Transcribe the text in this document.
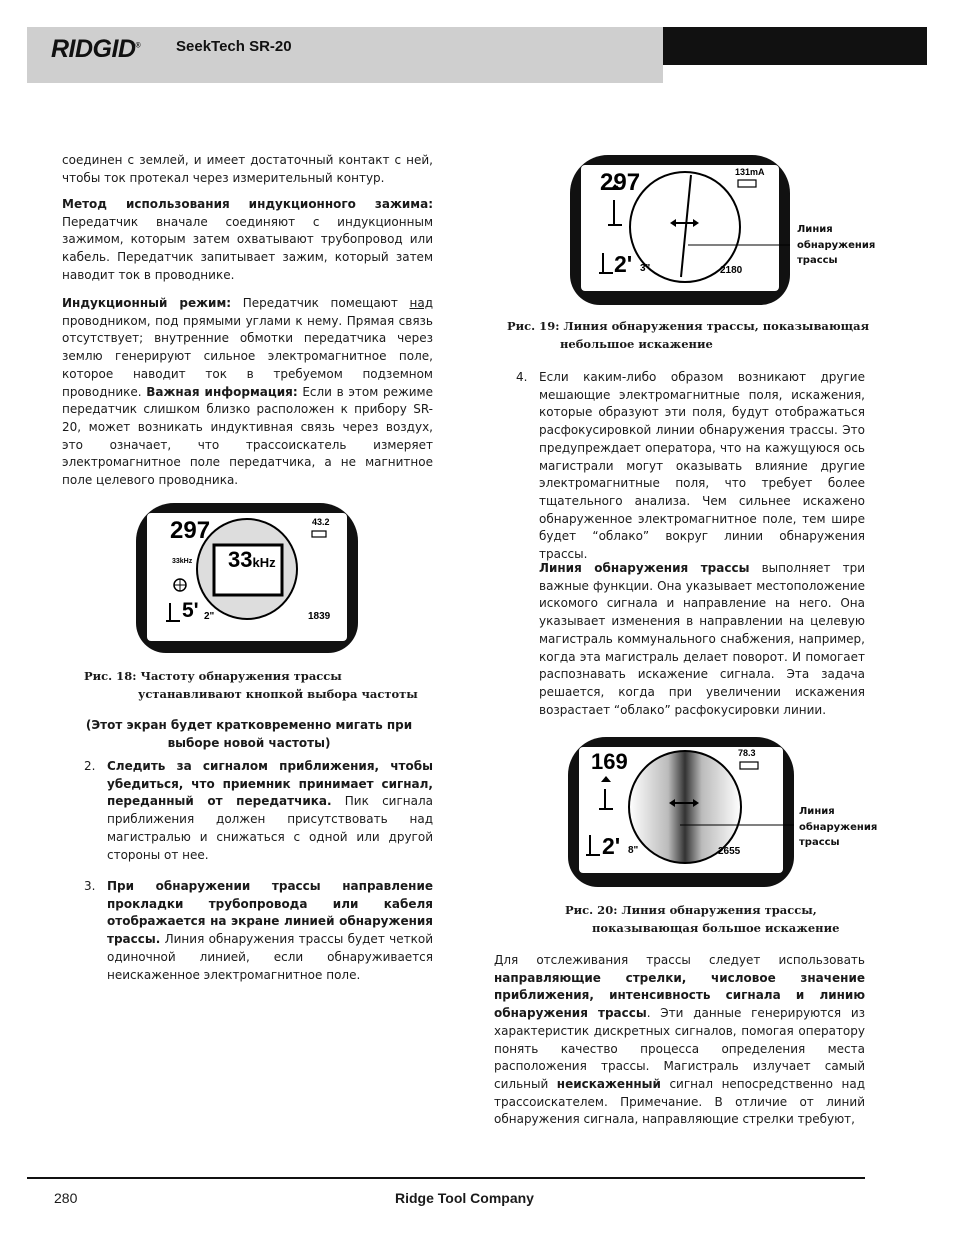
RIDGID® SeekTech SR-20

соединен с землей, и имеет достаточный контакт с ней, чтобы ток протекал через измерительный контур.

Метод использования индукционного зажима: Передатчик вначале соединяют с индукционным зажимом, которым затем охватывают трубопровод или кабель. Передатчик запитывает зажим, который затем наводит ток в проводнике.

Индукционный режим: Передатчик помещают над проводником, под прямыми углами к нему. Прямая связь отсутствует; внутренние обмотки передатчика через землю генерируют сильное электромагнитное поле, которое наводит ток в требуемом подземном проводнике. Важная информация: Если в этом режиме передатчик слишком близко расположен к прибору SR-20, может возникать индуктивная связь через воздух, это означает, что трассоискатель измеряет электромагнитное поле передатчика, а не магнитное поле целевого проводника.

297	43.2
33kHz 33kHz
5' 2"	1839
Рис. 18: Частоту обнаружения трассы
устанавливают кнопкой выбора частоты
(Этот экран будет кратковременно мигать при выборе новой частоты)
2. Следить за сигналом приближения, чтобы убедиться, что приемник принимает сигнал, переданный от передатчика. Пик сигнала приближения должен присутствовать над магистралью и снижаться с одной или другой стороны от нее.

3. При обнаружении трассы направление прокладки трубопровода или кабеля отображается на экране линией обнаружения трассы. Линия обнаружения трассы будет четкой одиночной линией, если обнаруживается неискаженное электромагнитное поле.

297	131mA
2' 3"	2180
Линия
обнаружения
трассы
Рис. 19: Линия обнаружения трассы, показывающая
небольшое искажение
4. Если каким-либо образом возникают другие мешающие электромагнитные поля, искажения, которые образуют эти поля, будут отображаться расфокусировкой линии обнаружения трассы. Это предупреждает оператора, что на кажущуюся ось магистрали могут оказывать влияние другие электромагнитные поля, что требует более тщательного анализа. Чем сильнее искажено обнаруженное электромагнитное поле, тем шире будет “облако” вокруг линии обнаружения трассы.

Линия обнаружения трассы выполняет три важные функции. Она указывает местоположение искомого сигнала и направление на него. Она указывает изменения в направлении на целевую магистраль коммунального снабжения, например, когда эта магистраль делает поворот. И помогает распознавать искажение сигнала. Эта задача решается, когда при увеличении искажения возрастает “облако” расфокусировки линии.

169	78.3
2' 8"	2655
Линия
обнаружения
трассы
Рис. 20: Линия обнаружения трассы,
показывающая большое искажение

Для отслеживания трассы следует использовать направляющие стрелки, числовое значение приближения, интенсивность сигнала и линию обнаружения трассы. Эти данные генерируются из характеристик дискретных сигналов, помогая оператору понять качество процесса определения места расположения трассы. Магистраль излучает самый сильный неискаженный сигнал непосредственно над трассоискателем. Примечание. В отличие от линий обнаружения сигнала, направляющие стрелки требуют,

280	Ridge Tool Company
